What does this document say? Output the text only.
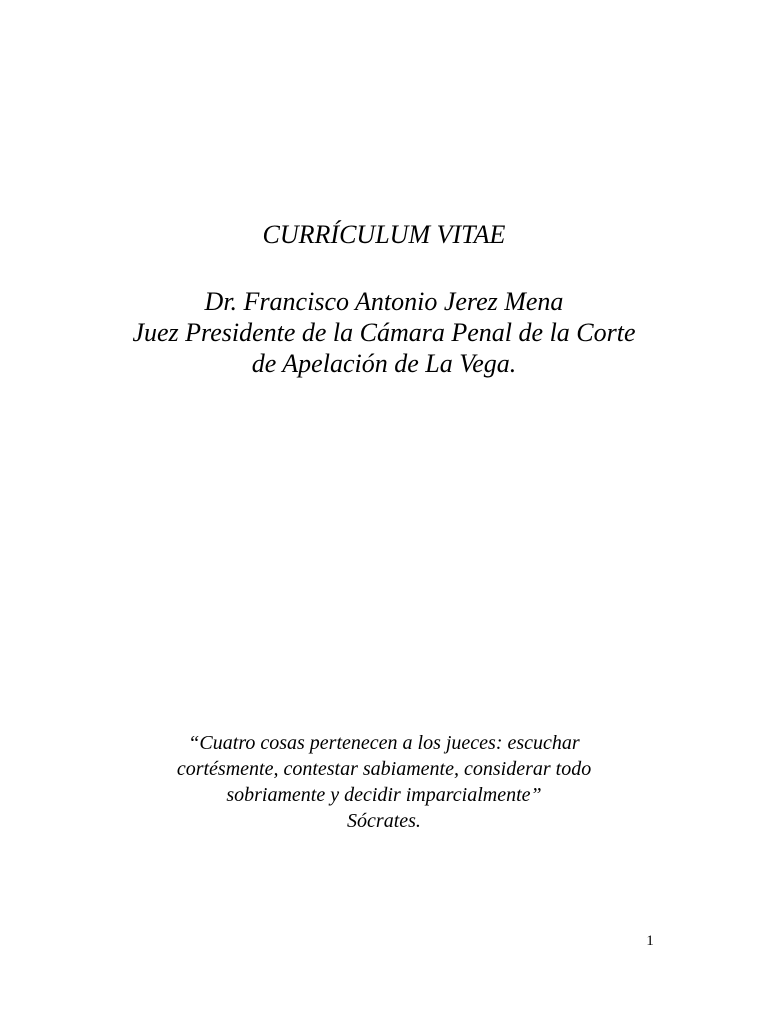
CURRÍCULUM VITAE
Dr. Francisco Antonio Jerez Mena
Juez Presidente de la Cámara Penal de la Corte
de Apelación de La Vega.
“Cuatro cosas pertenecen a los jueces: escuchar
cortésmente, contestar sabiamente, considerar todo
sobriamente y decidir imparcialmente”
Sócrates.
1
